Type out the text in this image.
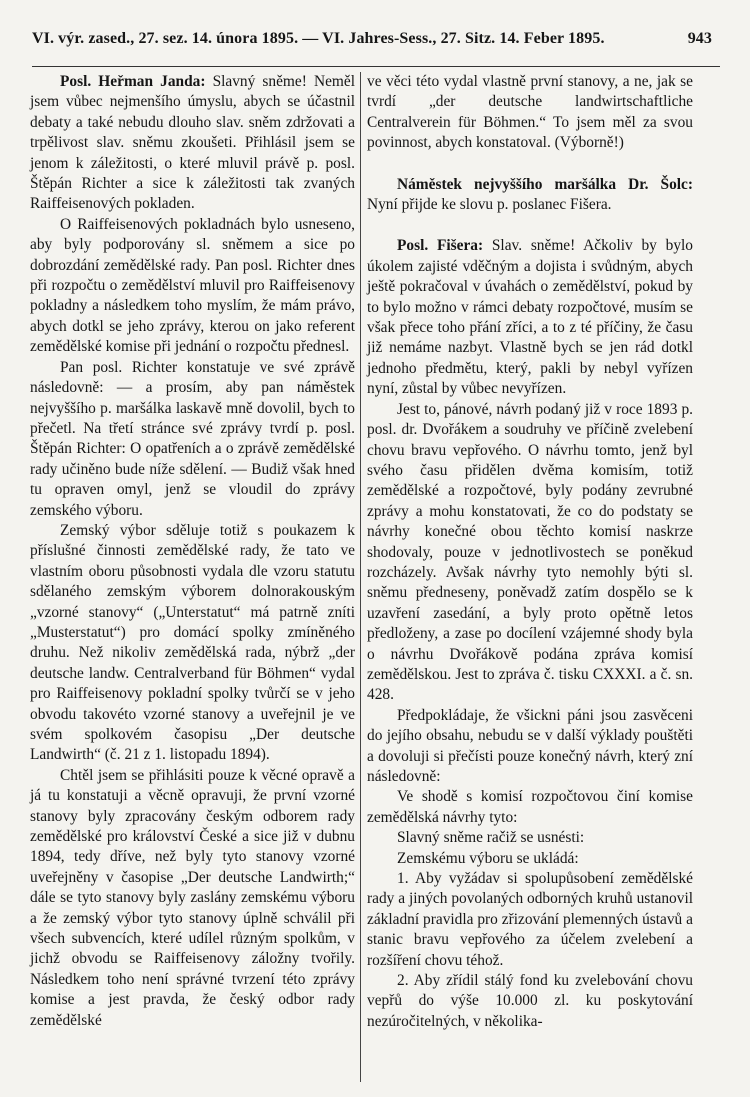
VI. výr. zased., 27. sez. 14. února 1895. — VI. Jahres-Sess., 27. Sitz. 14. Feber 1895.	943

Posl. Heřman Janda: Slavný sněme! Neměl jsem vůbec nejmenšího úmyslu, abych se účastnil debaty a také nebudu dlouho slav. sněm zdržovati a trpělivost slav. sněmu zkoušeti. Přihlásil jsem se jenom k záležitosti, o které mluvil právě p. posl. Štěpán Richter a sice k záležitosti tak zvaných Raiffeisenových pokladen.

O Raiffeisenových pokladnách bylo usneseno, aby byly podporovány sl. sněmem a sice po dobrozdání zemědělské rady. Pan posl. Richter dnes při rozpočtu o zemědělství mluvil pro Raiffeisenovy pokladny a následkem toho myslím, že mám právo, abych dotkl se jeho zprávy, kterou on jako referent zemědělské komise při jednání o rozpočtu přednesl.

Pan posl. Richter konstatuje ve své zprávě následovně: — a prosím, aby pan náměstek nejvyššího p. maršálka laskavě mně dovolil, bych to přečetl. Na třetí stránce své zprávy tvrdí p. posl. Štěpán Richter: O opatřeních a o zprávě zemědělské rady učiněno bude níže sdělení. — Budiž však hned tu opraven omyl, jenž se vloudil do zprávy zemského výboru.

Zemský výbor sděluje totiž s poukazem k příslušné činnosti zemědělské rady, že tato ve vlastním oboru působnosti vydala dle vzoru statutu sdělaného zemským výborem dolnorakouským „vzorné stanovy“ („Unterstatut“ má patrně zníti „Musterstatut“) pro domácí spolky zmíněného druhu. Než nikoliv zemědělská rada, nýbrž „der deutsche landw. Centralverband für Böhmen“ vydal pro Raiffeisenovy pokladní spolky tvůrčí se v jeho obvodu takovéto vzorné stanovy a uveřejnil je ve svém spolkovém časopisu „Der deutsche Landwirth“ (č. 21 z 1. listopadu 1894).

Chtěl jsem se přihlásiti pouze k věcné opravě a já tu konstatuji a věcně opravuji, že první vzorné stanovy byly zpracovány českým odborem rady zemědělské pro království České a sice již v dubnu 1894, tedy dříve, než byly tyto stanovy vzorné uveřejněny v časopise „Der deutsche Landwirth;“ dále se tyto stanovy byly zaslány zemskému výboru a že zemský výbor tyto stanovy úplně schválil při všech subvencích, které udílel různým spolkům, v jichž obvodu se Raiffeisenovy záložny tvořily. Následkem toho není správné tvrzení této zprávy komise a jest pravda, že český odbor rady zemědělské

ve věci této vydal vlastně první stanovy, a ne, jak se tvrdí „der deutsche landwirtschaftliche Centralverein für Böhmen.“ To jsem měl za svou povinnost, abych konstatoval. (Výborně!)

Náměstek nejvyššího maršálka Dr. Šolc: Nyní přijde ke slovu p. poslanec Fišera.

Posl. Fišera: Slav. sněme! Ačkoliv by bylo úkolem zajisté vděčným a dojista i svůdným, abych ještě pokračoval v úvahách o zemědělství, pokud by to bylo možno v rámci debaty rozpočtové, musím se však přece toho přání zříci, a to z té příčiny, že času již nemáme nazbyt. Vlastně bych se jen rád dotkl jednoho předmětu, který, pakli by nebyl vyřízen nyní, zůstal by vůbec nevyřízen.

Jest to, pánové, návrh podaný již v roce 1893 p. posl. dr. Dvořákem a soudruhy ve příčině zvelebení chovu bravu vepřového. O návrhu tomto, jenž byl svého času přidělen dvěma komisím, totiž zemědělské a rozpočtové, byly podány zevrubné zprávy a mohu konstatovati, že co do podstaty se návrhy konečné obou těchto komisí naskrze shodovaly, pouze v jednotlivostech se poněkud rozcházely. Avšak návrhy tyto nemohly býti sl. sněmu předneseny, poněvadž zatím dospělo se k uzavření zasedání, a byly proto opětně letos předloženy, a zase po docílení vzájemné shody byla o návrhu Dvořákově podána zpráva komisí zemědělskou. Jest to zpráva č. tisku CXXXI. a č. sn. 428.

Předpokládaje, že všickni páni jsou zasvěceni do jejího obsahu, nebudu se v další výklady pouštěti a dovoluji si přečísti pouze konečný návrh, který zní následovně:

Ve shodě s komisí rozpočtovou činí komise zemědělská návrhy tyto:

Slavný sněme račiž se usnésti:

Zemskému výboru se ukládá:

1. Aby vyžádav si spolupůsobení zemědělské rady a jiných povolaných odborných kruhů ustanovil základní pravidla pro zřizování plemenných ústavů a stanic bravu vepřového za účelem zvelebení a rozšíření chovu téhož.

2. Aby zřídil stálý fond ku zvelebování chovu vepřů do výše 10.000 zl. ku poskytování nezúročitelných, v několika-
